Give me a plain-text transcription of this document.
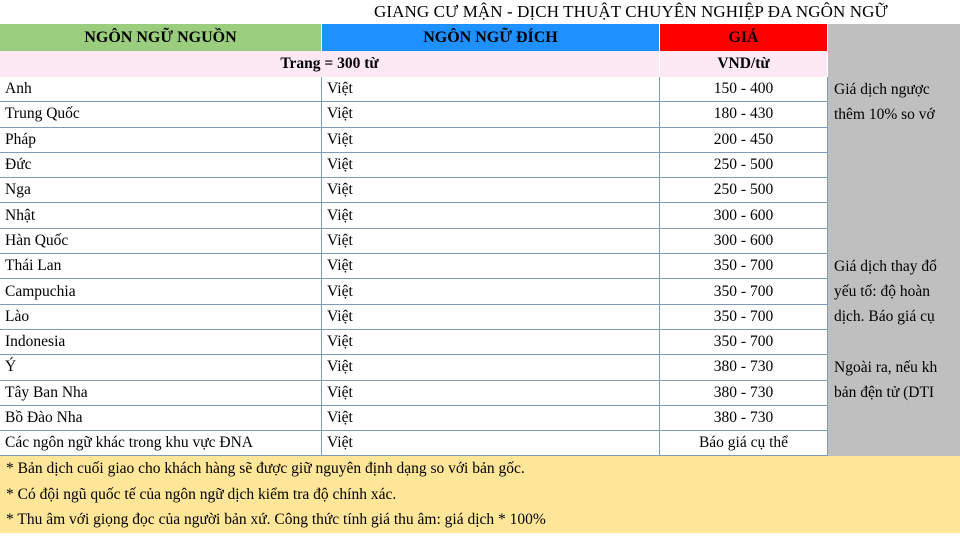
GIANG CƯ MẬN - DỊCH THUẬT CHUYÊN NGHIỆP ĐA NGÔN NGỮ
NGÔN NGỮ NGUỒN	NGÔN NGỮ ĐÍCH	GIÁ
Trang = 300 từ	VND/từ
Anh	Việt	150 - 400	Giá dịch ngược
Trung Quốc	Việt	180 - 430	thêm 10% so vớ
Pháp	Việt	200 - 450
Đức	Việt	250 - 500
Nga	Việt	250 - 500
Nhật	Việt	300 - 600
Hàn Quốc	Việt	300 - 600
Thái Lan	Việt	350 - 700	Giá dịch thay đổ
Campuchia	Việt	350 - 700	yếu tố: độ hoàn
Lào	Việt	350 - 700	dịch. Báo giá cụ
Indonesia	Việt	350 - 700
Ý	Việt	380 - 730	Ngoài ra, nếu kh
Tây Ban Nha	Việt	380 - 730	bản đện tử (DTI
Bồ Đào Nha	Việt	380 - 730
Các ngôn ngữ khác trong khu vực ĐNA	Việt	Báo giá cụ thể
* Bản dịch cuối giao cho khách hàng sẽ được giữ nguyên định dạng so với bản gốc.
* Có đội ngũ quốc tế của ngôn ngữ dịch kiểm tra độ chính xác.
* Thu âm với giọng đọc của người bản xứ. Công thức tính giá thu âm: giá dịch * 100%
